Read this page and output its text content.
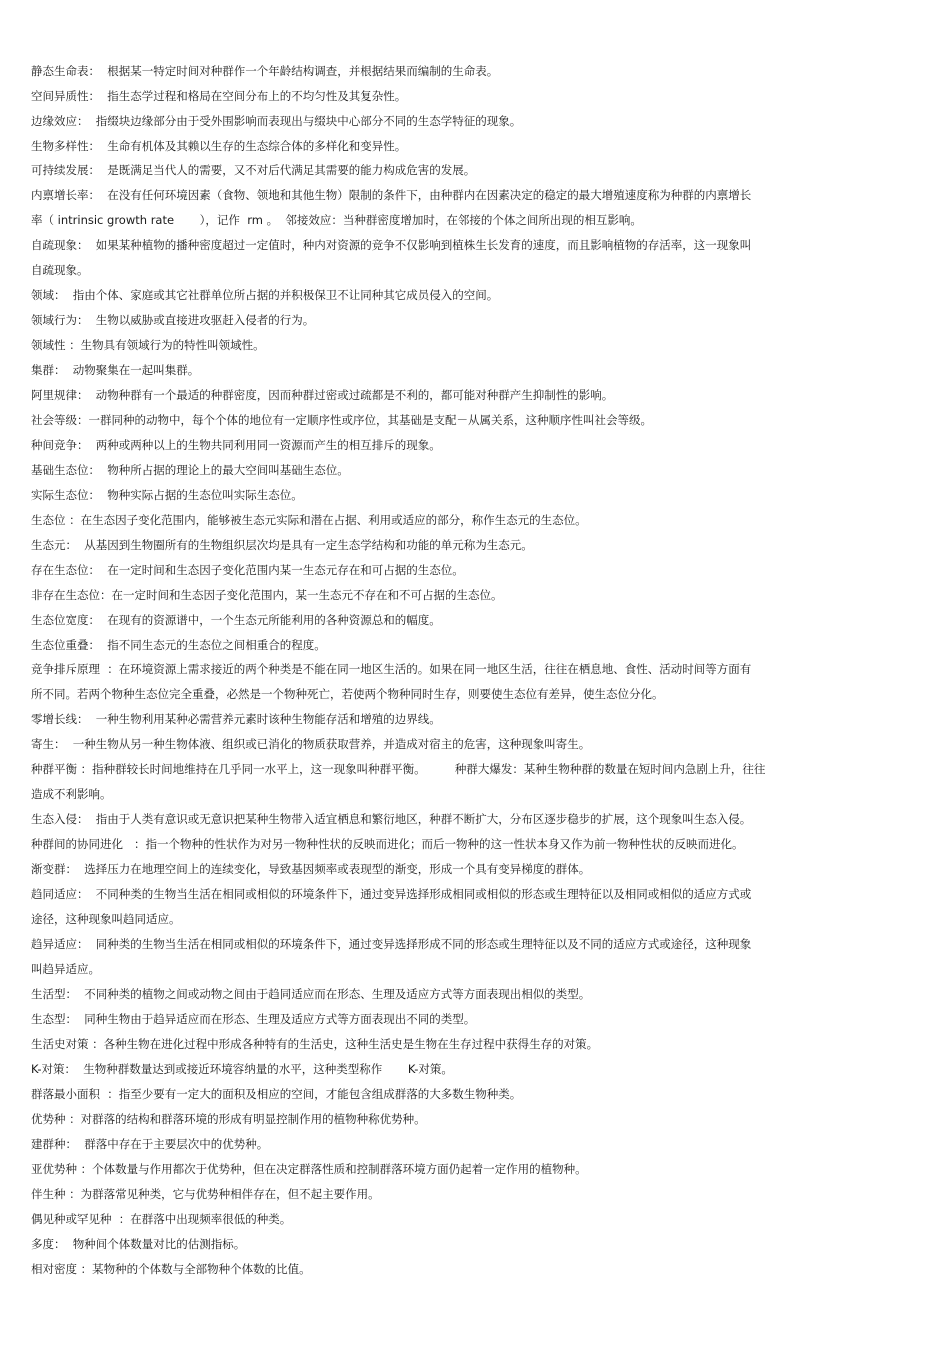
静态生命表：  根据某一特定时间对种群作一个年龄结构调查，并根据结果而编制的生命表。
空间异质性：  指生态学过程和格局在空间分布上的不均匀性及其复杂性。
边缘效应：  指缀块边缘部分由于受外围影响而表现出与缀块中心部分不同的生态学特征的现象。
生物多样性：  生命有机体及其赖以生存的生态综合体的多样化和变异性。
可持续发展：  是既满足当代人的需要，又不对后代满足其需要的能力构成危害的发展。
内禀增长率：  在没有任何环境因素（食物、领地和其他生物）限制的条件下，由种群内在因素决定的稳定的最大增殖速度称为种群的内禀增长
率（ intrinsic growth rate       ），记作  rm 。  邻接效应：当种群密度增加时，在邻接的个体之间所出现的相互影响。
自疏现象：  如果某种植物的播种密度超过一定值时，种内对资源的竞争不仅影响到植株生长发育的速度，而且影响植物的存活率，这一现象叫
自疏现象。
领域：  指由个体、家庭或其它社群单位所占据的并积极保卫不让同种其它成员侵入的空间。
领域行为：  生物以威胁或直接进攻驱赶入侵者的行为。
领域性 ：生物具有领域行为的特性叫领域性。
集群：  动物聚集在一起叫集群。
阿里规律：  动物种群有一个最适的种群密度，因而种群过密或过疏都是不利的，都可能对种群产生抑制性的影响。
社会等级：一群同种的动物中，每个个体的地位有一定顺序性或序位，其基础是支配－从属关系，这种顺序性叫社会等级。
种间竞争：  两种或两种以上的生物共同利用同一资源而产生的相互排斥的现象。
基础生态位：  物种所占据的理论上的最大空间叫基础生态位。
实际生态位：  物种实际占据的生态位叫实际生态位。
生态位 ：在生态因子变化范围内，能够被生态元实际和潜在占据、利用或适应的部分，称作生态元的生态位。
生态元：  从基因到生物圈所有的生物组织层次均是具有一定生态学结构和功能的单元称为生态元。
存在生态位：  在一定时间和生态因子变化范围内某一生态元存在和可占据的生态位。
非存在生态位：在一定时间和生态因子变化范围内，某一生态元不存在和不可占据的生态位。
生态位宽度：  在现有的资源谱中，一个生态元所能利用的各种资源总和的幅度。
生态位重叠：  指不同生态元的生态位之间相重合的程度。
竞争排斥原理  ：在环境资源上需求接近的两个种类是不能在同一地区生活的。如果在同一地区生活，往往在栖息地、食性、活动时间等方面有
所不同。若两个物种生态位完全重叠，必然是一个物种死亡，若使两个物种同时生存，则要使生态位有差异，使生态位分化。
零增长线：  一种生物利用某种必需营养元素时该种生物能存活和增殖的边界线。
寄生：  一种生物从另一种生物体液、组织或已消化的物质获取营养，并造成对宿主的危害，这种现象叫寄生。
种群平衡 ：指种群较长时间地维持在几乎同一水平上，这一现象叫种群平衡。        种群大爆发：某种生物种群的数量在短时间内急剧上升，往往
造成不利影响。
生态入侵：  指由于人类有意识或无意识把某种生物带入适宜栖息和繁衍地区，种群不断扩大，分布区逐步稳步的扩展，这个现象叫生态入侵。
种群间的协同进化   ：指一个物种的性状作为对另一物种性状的反映而进化；而后一物种的这一性状本身又作为前一物种性状的反映而进化。
渐变群：  选择压力在地理空间上的连续变化，导致基因频率或表现型的渐变，形成一个具有变异梯度的群体。
趋同适应：  不同种类的生物当生活在相同或相似的环境条件下，通过变异选择形成相同或相似的形态或生理特征以及相同或相似的适应方式或
途径，这种现象叫趋同适应。
趋异适应：  同种类的生物当生活在相同或相似的环境条件下，通过变异选择形成不同的形态或生理特征以及不同的适应方式或途径，这种现象
叫趋异适应。
生活型：  不同种类的植物之间或动物之间由于趋同适应而在形态、生理及适应方式等方面表现出相似的类型。
生态型：  同种生物由于趋异适应而在形态、生理及适应方式等方面表现出不同的类型。
生活史对策 ：各种生物在进化过程中形成各种特有的生活史，这种生活史是生物在生存过程中获得生存的对策。
K-对策：  生物种群数量达到或接近环境容纳量的水平，这种类型称作       K-对策。
群落最小面积  ：指至少要有一定大的面积及相应的空间，才能包含组成群落的大多数生物种类。
优势种 ：对群落的结构和群落环境的形成有明显控制作用的植物种称优势种。
建群种：  群落中存在于主要层次中的优势种。
亚优势种 ：个体数量与作用都次于优势种，但在决定群落性质和控制群落环境方面仍起着一定作用的植物种。
伴生种 ：为群落常见种类，它与优势种相伴存在，但不起主要作用。
偶见种或罕见种  ：在群落中出现频率很低的种类。
多度：  物种间个体数量对比的估测指标。
相对密度 ：某物种的个体数与全部物种个体数的比值。
